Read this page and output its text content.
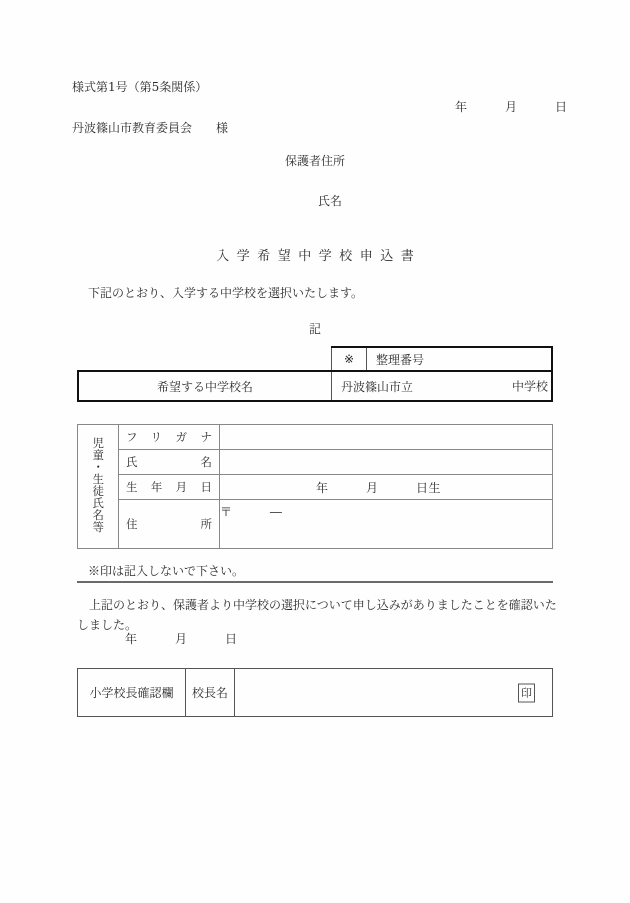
様式第1号（第5条関係）
年　　　月　　　日
丹波篠山市教育委員会　　様
保護者住所
氏名
入学希望中学校申込書
下記のとおり、入学する中学校を選択いたします。
記
	※	整理番号
希望する中学校名	丹波篠山市立 中学校	
児童・生徒氏名等	フリガナ	
	氏名	
	生年月日	年　　　月　　　日生
	住所	〒 ―
※印は記入しないで下さい。
上記のとおり、保護者より中学校の選択について申し込みがありましたことを確認いたしました。
年　　　月　　　日
小学校長確認欄	校長名	印
